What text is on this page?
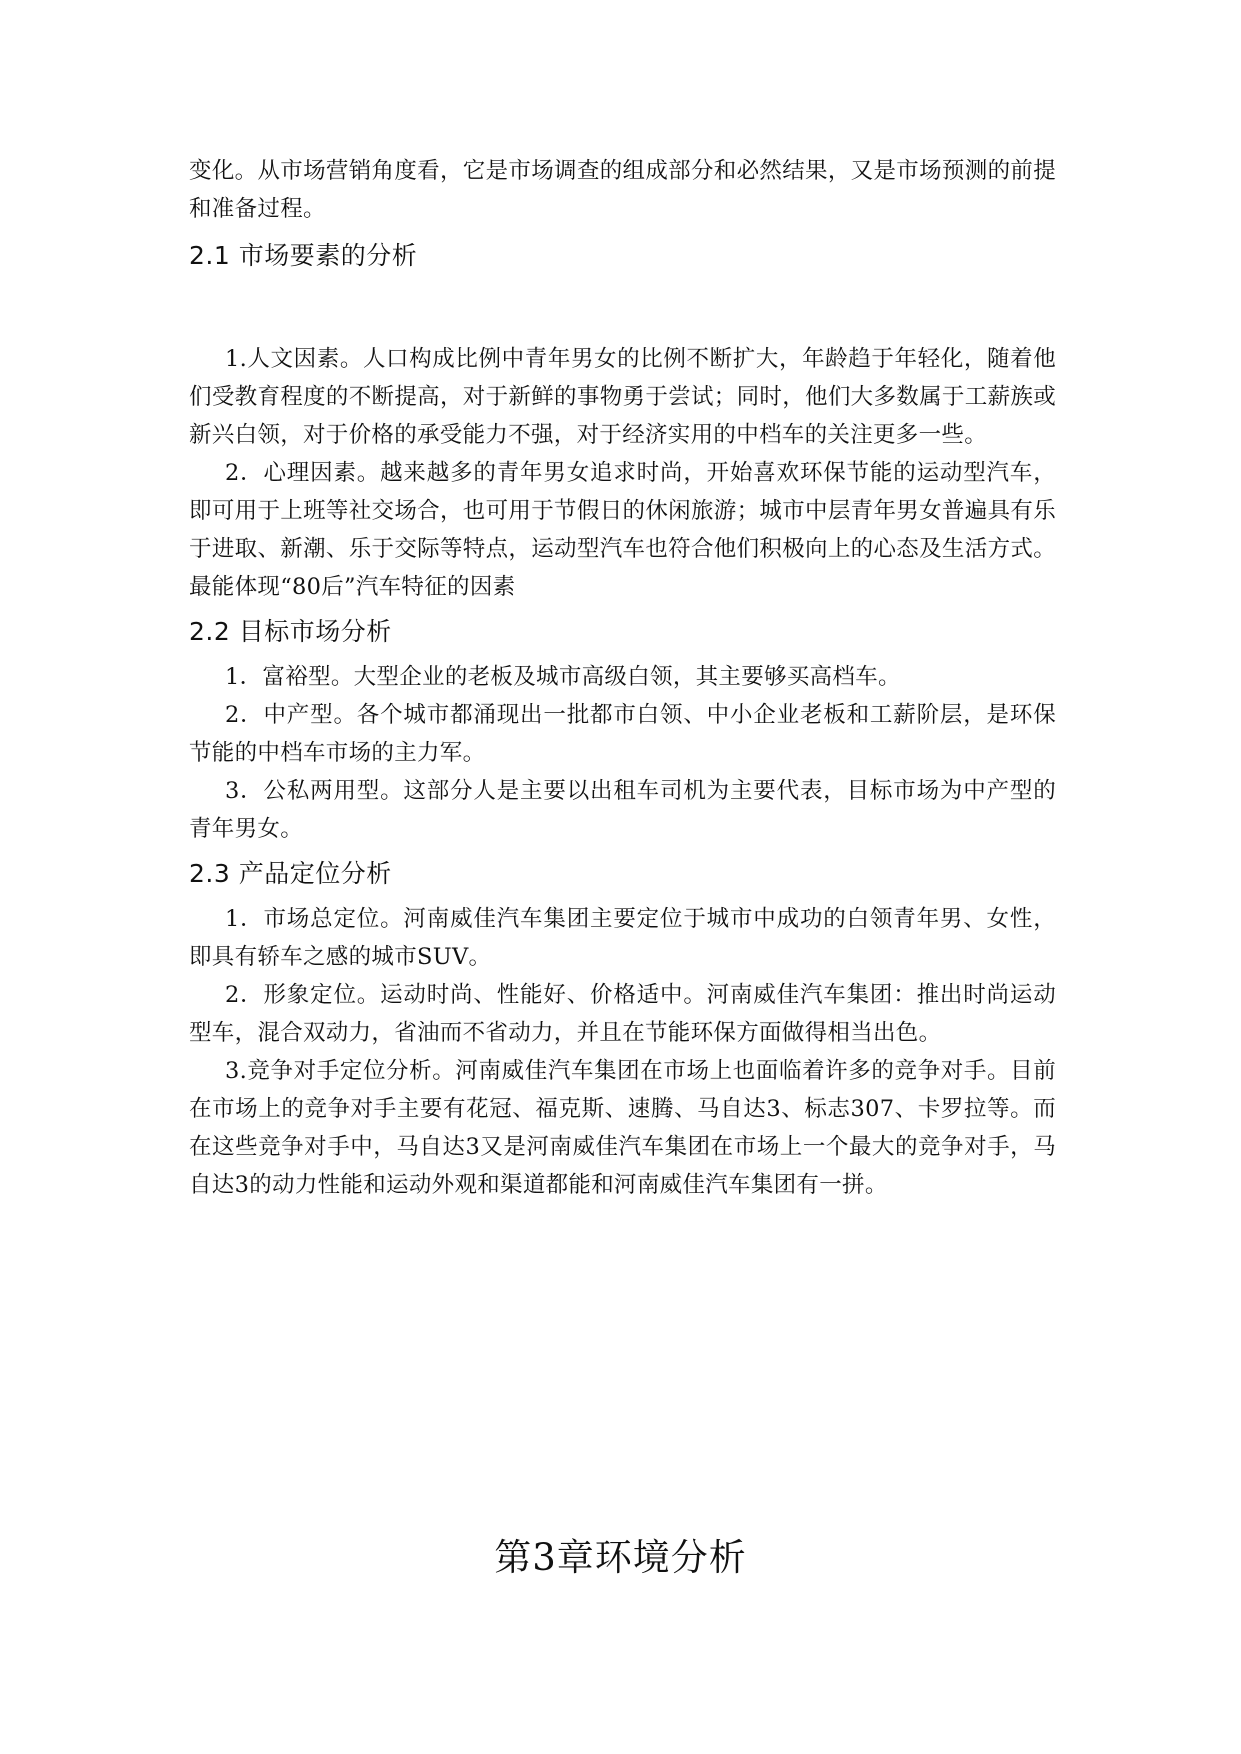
变化。从市场营销角度看，它是市场调查的组成部分和必然结果，又是市场预测的前提和准备过程。

2.1 市场要素的分析

1.人文因素。人口构成比例中青年男女的比例不断扩大，年龄趋于年轻化，随着他们受教育程度的不断提高，对于新鲜的事物勇于尝试；同时，他们大多数属于工薪族或新兴白领，对于价格的承受能力不强，对于经济实用的中档车的关注更多一些。

2．心理因素。越来越多的青年男女追求时尚，开始喜欢环保节能的运动型汽车，即可用于上班等社交场合，也可用于节假日的休闲旅游；城市中层青年男女普遍具有乐于进取、新潮、乐于交际等特点，运动型汽车也符合他们积极向上的心态及生活方式。最能体现“80后”汽车特征的因素

2.2 目标市场分析

1．富裕型。大型企业的老板及城市高级白领，其主要够买高档车。

2．中产型。各个城市都涌现出一批都市白领、中小企业老板和工薪阶层，是环保节能的中档车市场的主力军。

3．公私两用型。这部分人是主要以出租车司机为主要代表，目标市场为中产型的青年男女。

2.3 产品定位分析

1．市场总定位。河南威佳汽车集团主要定位于城市中成功的白领青年男、女性，即具有轿车之感的城市SUV。

2．形象定位。运动时尚、性能好、价格适中。河南威佳汽车集团：推出时尚运动型车，混合双动力，省油而不省动力，并且在节能环保方面做得相当出色。

3.竞争对手定位分析。河南威佳汽车集团在市场上也面临着许多的竞争对手。目前在市场上的竞争对手主要有花冠、福克斯、速腾、马自达3、标志307、卡罗拉等。而在这些竞争对手中，马自达3又是河南威佳汽车集团在市场上一个最大的竞争对手，马自达3的动力性能和运动外观和渠道都能和河南威佳汽车集团有一拼。

第3章环境分析
